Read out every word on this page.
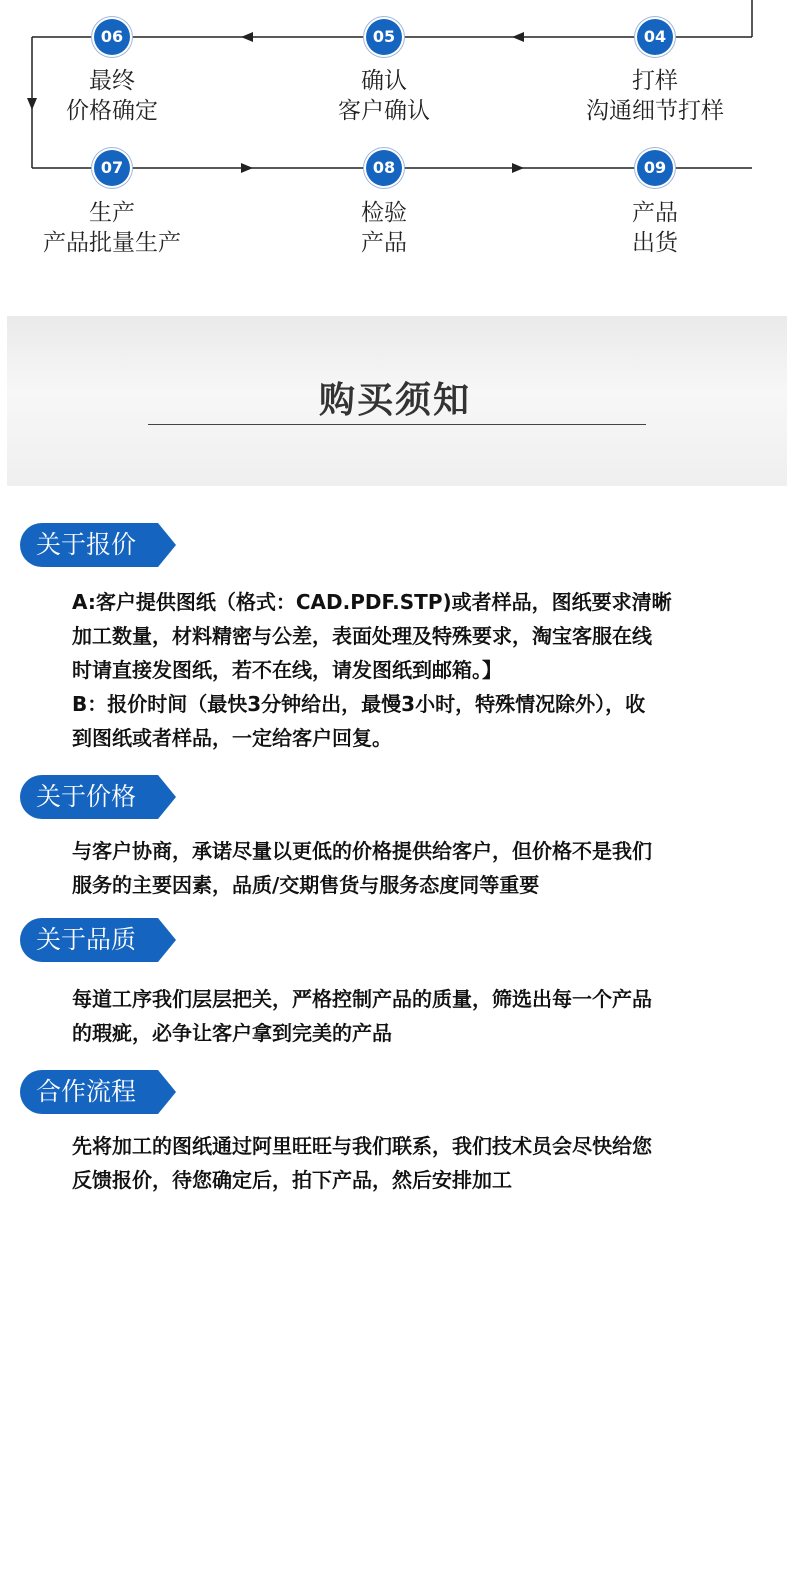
04
打样
沟通细节打样
05
确认
客户确认
06
最终
价格确定
07
生产
产品批量生产
08
检验
产品
09
产品
出货
购买须知
关于报价

A:客户提供图纸（格式：CAD.PDF.STP)或者样品，图纸要求清晰

加工数量，材料精密与公差，表面处理及特殊要求，淘宝客服在线

时请直接发图纸，若不在线，请发图纸到邮箱。】

B：报价时间（最快3分钟给出，最慢3小时，特殊情况除外），收

到图纸或者样品，一定给客户回复。

关于价格

与客户协商，承诺尽量以更低的价格提供给客户，但价格不是我们

服务的主要因素，品质/交期售货与服务态度同等重要

关于品质

每道工序我们层层把关，严格控制产品的质量，筛选出每一个产品

的瑕疵，必争让客户拿到完美的产品

合作流程

先将加工的图纸通过阿里旺旺与我们联系，我们技术员会尽快给您

反馈报价，待您确定后，拍下产品，然后安排加工
